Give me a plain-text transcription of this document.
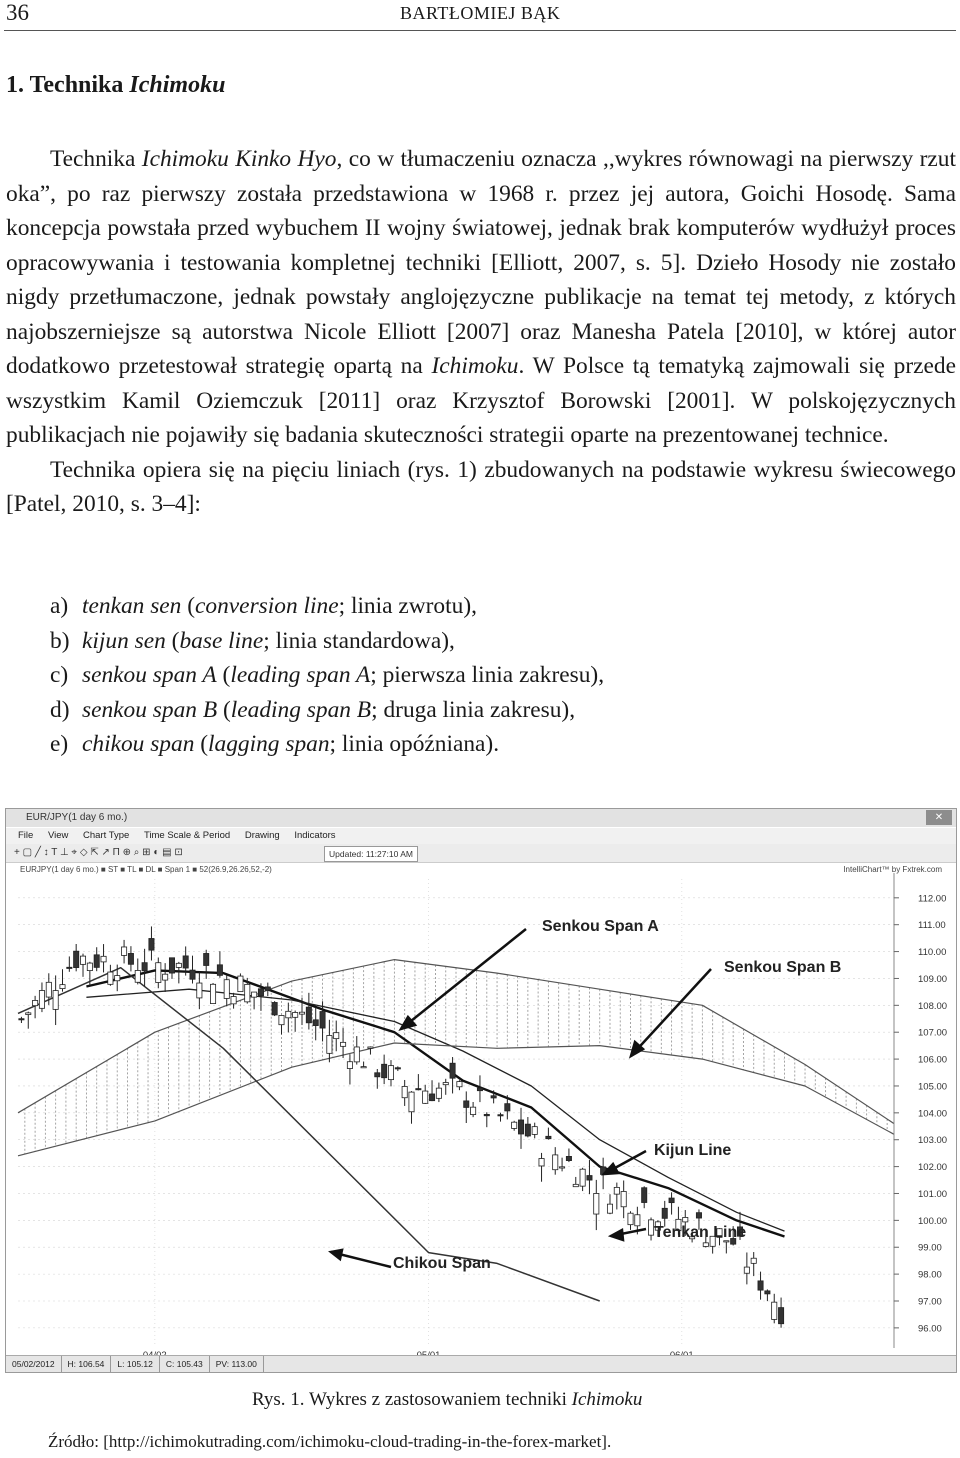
36	BARTŁOMIEJ BĄK
1. Technika Ichimoku

Technika Ichimoku Kinko Hyo, co w tłumaczeniu oznacza ,,wykres równowagi na pierwszy rzut oka”, po raz pierwszy została przedstawiona w 1968 r. przez jej autora, Goichi Hosodę. Sama koncepcja powstała przed wybuchem II wojny światowej, jednak brak komputerów wydłużył proces opracowywania i testowania kompletnej techniki [Elliott, 2007, s. 5]. Dzieło Hosody nie zostało nigdy przetłumaczone, jednak powstały anglojęzyczne publikacje na temat tej metody, z których najobszerniejsze są autorstwa Nicole Elliott [2007] oraz Manesha Patela [2010], w której autor dodatkowo przetestował strategię opartą na Ichimoku. W Polsce tą tematyką zajmowali się przede wszystkim Kamil Oziemczuk [2011] oraz Krzysztof Borowski [2001]. W polskojęzycznych publikacjach nie pojawiły się badania skuteczności strategii oparte na prezentowanej technice.

Technika opiera się na pięciu liniach (rys. 1) zbudowanych na podstawie wykresu świecowego [Patel, 2010, s. 3–4]:

a) tenkan sen (conversion line; linia zwrotu),
b) kijun sen (base line; linia standardowa),
c) senkou span A (leading span A; pierwsza linia zakresu),
d) senkou span B (leading span B; druga linia zakresu),
e) chikou span (lagging span; linia opóźniana).
EUR/JPY(1 day 6 mo.)	✕
File View Chart Type Time Scale & Period Drawing Indicators
+ ▢ ╱ ↕ T ⊥ ⌖ ◇ ⇱ ↗ Π ⊕ ⌕ ⊞ ◐ ▤ ⊡	Updated: 11:27:10 AM
EURJPY(1 day 6 mo.) ■ ST ■ TL ■ DL ■ Span 1 ■ 52(26.9,26.26,52,-2)	IntelliChart™ by Fxtrek.com
112.00
111.00
110.00
109.00
108.00
107.00
106.00
105.00
104.00
103.00
102.00
101.00
100.00
99.00
98.00
97.00
96.00
Senkou Span A
Senkou Span B
Kijun Line
Tenkan Line
Chikou Span
05/02/2012 H: 106.54 L: 105.12 C: 105.43 PV: 113.00
Rys. 1. Wykres z zastosowaniem techniki Ichimoku
Źródło: [http://ichimokutrading.com/ichimoku-cloud-trading-in-the-forex-market].
